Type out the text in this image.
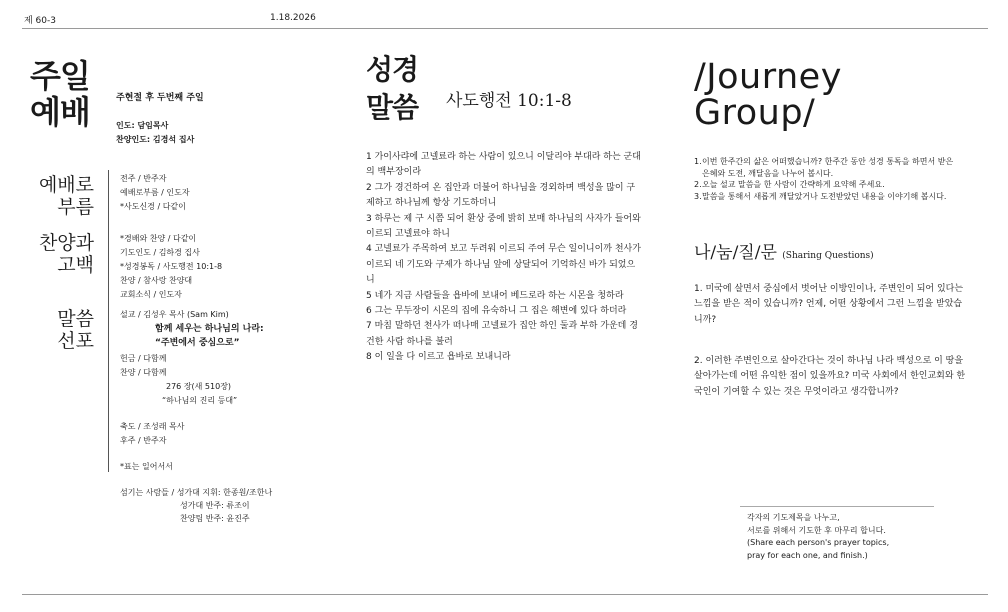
제 60-3	1.18.2026
주일
예배	주현절 후 두번째 주일
인도: 담임목사
찬양인도: 김경석 집사
예배로
부름
찬양과
고백
말씀
선포
전주 / 반주자
예배로부름 / 인도자
*사도신경 / 다같이
*경배와 찬양 / 다같이
기도인도 / 김하경 집사
*성경봉독 / 사도행전 10:1-8
찬양 / 참사랑 찬양대
교회소식 / 인도자
설교 / 김성우 목사 (Sam Kim)
함께 세우는 하나님의 나라:
“주변에서 중심으로”
헌금 / 다함께
찬양 / 다함께
276 장(새 510장)
“하나님의 진리 등대”
축도 / 조성래 목사
후주 / 반주자
*표는 일어서서
섬기는 사람들 / 성가대 지휘: 한종원/조한나
성가대 반주: 류조이
찬양팀 반주: 윤진주
성경
말씀 사도행전 10:1-8

1 가이사랴에 고넬료라 하는 사람이 있으니 이달리야 부대라 하는 군대의 백부장이라

2 그가 경건하여 온 집안과 더불어 하나님을 경외하며 백성을 많이 구제하고 하나님께 항상 기도하더니

3 하루는 제 구 시쯤 되어 환상 중에 밝히 보매 하나님의 사자가 들어와 이르되 고넬료야 하니

4 고넬료가 주목하여 보고 두려워 이르되 주여 무슨 일이니이까 천사가 이르되 네 기도와 구제가 하나님 앞에 상달되어 기억하신 바가 되었으니

5 네가 지금 사람들을 욥바에 보내어 베드로라 하는 시몬을 청하라

6 그는 무두장이 시몬의 집에 유숙하니 그 집은 해변에 있다 하더라

7 마침 말하던 천사가 떠나매 고넬료가 집안 하인 둘과 부하 가운데 경건한 사람 하나를 불러

8 이 일을 다 이르고 욥바로 보내니라

/Journey
Group/
1. 이번 한주간의 삶은 어떠했습니까? 한주간 동안 성경 통독을 하면서 받은 은혜와 도전, 깨달음을 나누어 봅시다.
2. 오늘 설교 말씀을 한 사람이 간략하게 요약해 주세요.
3. 말씀을 통해서 새롭게 깨달았거나 도전받았던 내용을 이야기해 봅시다.
나/눔/질/문 (Sharing Questions)
1. 미국에 살면서 중심에서 벗어난 이방인이나, 주변인이 되어 있다는 느낌을 받은 적이 있습니까? 언제, 어떤 상황에서 그런 느낌을 받았습니까?
2. 이러한 주변인으로 살아간다는 것이 하나님 나라 백성으로 이 땅을 살아가는데 어떤 유익한 점이 있을까요? 미국 사회에서 한인교회와 한국인이 기여할 수 있는 것은 무엇이라고 생각합니까?
각자의 기도제목을 나누고,
서로를 위해서 기도한 후 마무리 합니다.
(Share each person's prayer topics,
pray for each one, and finish.)
